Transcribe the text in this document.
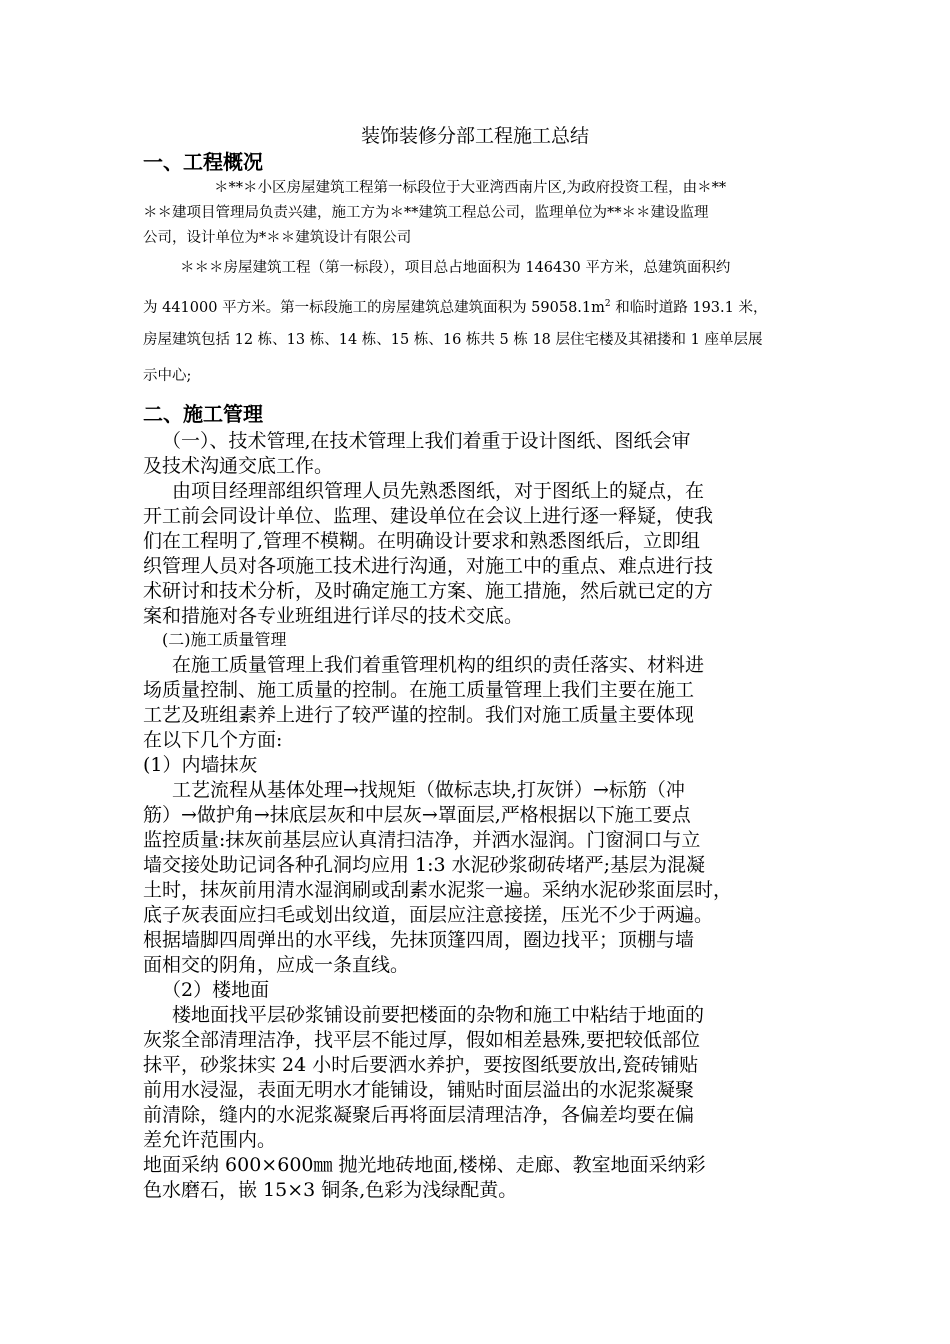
装饰装修分部工程施工总结
一、工程概况
＊**＊小区房屋建筑工程第一标段位于大亚湾西南片区,为政府投资工程，由＊**
＊＊建项目管理局负责兴建，施工方为＊**建筑工程总公司，监理单位为**＊＊建设监理
公司，设计单位为*＊＊建筑设计有限公司
＊＊＊房屋建筑工程（第一标段），项目总占地面积为 146430 平方米，总建筑面积约
为 441000 平方米。第一标段施工的房屋建筑总建筑面积为 $59058.1m^2$ 和临时道路 193.1 米，
房屋建筑包括 12 栋、13 栋、14 栋、15 栋、16 栋共 5 栋 18 层住宅楼及其裙搂和 1 座单层展
示中心;
二、施工管理
（一）、技术管理,在技术管理上我们着重于设计图纸、图纸会审
及技术沟通交底工作。
由项目经理部组织管理人员先熟悉图纸，对于图纸上的疑点，在
开工前会同设计单位、监理、建设单位在会议上进行逐一释疑，使我
们在工程明了,管理不模糊。在明确设计要求和熟悉图纸后，立即组
织管理人员对各项施工技术进行沟通，对施工中的重点、难点进行技
术研讨和技术分析，及时确定施工方案、施工措施，然后就已定的方
案和措施对各专业班组进行详尽的技术交底。
(二)施工质量管理
在施工质量管理上我们着重管理机构的组织的责任落实、材料进
场质量控制、施工质量的控制。在施工质量管理上我们主要在施工
工艺及班组素养上进行了较严谨的控制。我们对施工质量主要体现
在以下几个方面:
(1）内墙抹灰
工艺流程从基体处理→找规矩（做标志块,打灰饼）→标筋（冲
筋）→做护角→抹底层灰和中层灰→罩面层,严格根据以下施工要点
监控质量:抹灰前基层应认真清扫洁净，并洒水湿润。门窗洞口与立
墙交接处助记词各种孔洞均应用 1:3 水泥砂浆砌砖堵严;基层为混凝
土时，抹灰前用清水湿润刷或刮素水泥浆一遍。采纳水泥砂浆面层时，
底子灰表面应扫毛或划出纹道，面层应注意接搓，压光不少于两遍。
根据墙脚四周弹出的水平线，先抹顶篷四周，圈边找平；顶棚与墙
面相交的阴角，应成一条直线。
（2）楼地面
楼地面找平层砂浆铺设前要把楼面的杂物和施工中粘结于地面的
灰浆全部清理洁净，找平层不能过厚，假如相差悬殊,要把较低部位
抹平，砂浆抹实 24 小时后要洒水养护，要按图纸要放出,瓷砖铺贴
前用水浸湿，表面无明水才能铺设，铺贴时面层溢出的水泥浆凝聚
前清除，缝内的水泥浆凝聚后再将面层清理洁净，各偏差均要在偏
差允许范围内。
地面采纳 600×600㎜ 抛光地砖地面,楼梯、走廊、教室地面采纳彩
色水磨石，嵌 15×3 铜条,色彩为浅绿配黄。
